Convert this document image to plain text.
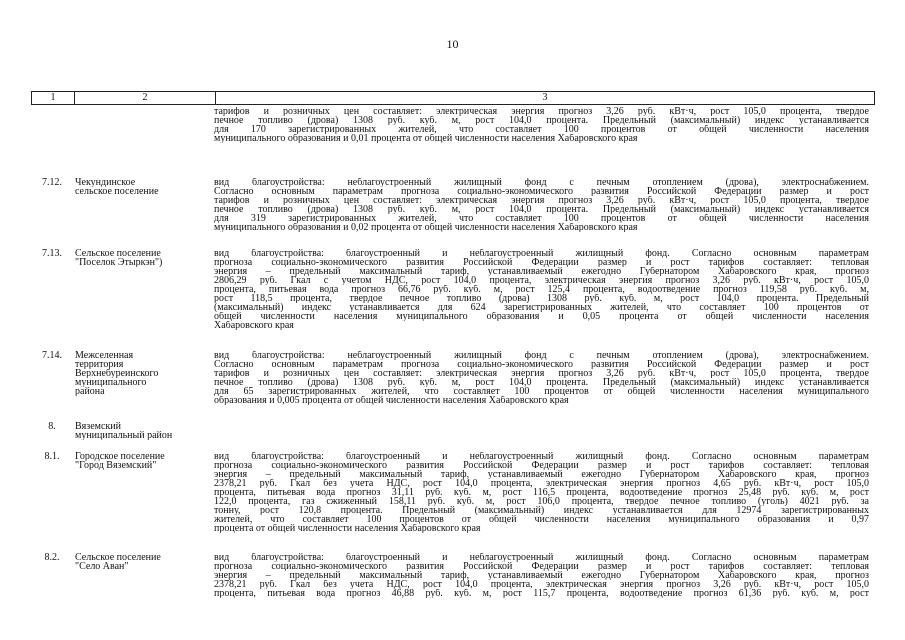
10
1	2	3
тарифов и розничных цен составляет: электрическая энергия прогноз 3,26 руб. кВт·ч, рост 105,0 процента, твердое
печное топливо (дрова) 1308 руб. куб. м, рост 104,0 процента. Предельный (максимальный) индекс устанавливается
для 170 зарегистрированных жителей, что составляет 100 процентов от общей численности населения
муниципального образования и 0,01 процента от общей численности населения Хабаровского края
7.12.	Чекундинское
сельское поселение
вид благоустройства: неблагоустроенный жилищный фонд с печным отоплением (дрова), электроснабжением.
Согласно основным параметрам прогноза социально-экономического развития Российской Федерации размер и рост
тарифов и розничных цен составляет: электрическая энергия прогноз 3,26 руб. кВт·ч, рост 105,0 процента, твердое
печное топливо (дрова) 1308 руб. куб. м, рост 104,0 процента. Предельный (максимальный) индекс устанавливается
для 319 зарегистрированных жителей, что составляет 100 процентов от общей численности населения
муниципального образования и 0,02 процента от общей численности населения Хабаровского края
7.13.	Сельское поселение
"Поселок Этыркэн")
вид благоустройства: благоустроенный и неблагоустроенный жилищный фонд. Согласно основным параметрам
прогноза социально-экономического развития Российской Федерации размер и рост тарифов составляет: тепловая
энергия – предельный максимальный тариф, устанавливаемый ежегодно Губернатором Хабаровского края, прогноз
2806,29 руб. Гкал с учетом НДС, рост 104,0 процента, электрическая энергия прогноз 3,26 руб. кВт·ч, рост 105,0
процента, питьевая вода прогноз 66,76 руб. куб. м, рост 125,4 процента, водоотведение прогноз 119,58 руб. куб. м,
рост 118,5 процента, твердое печное топливо (дрова) 1308 руб. куб. м, рост 104,0 процента. Предельный
(максимальный) индекс устанавливается для 624 зарегистрированных жителей, что составляет 100 процентов от
общей численности населения муниципального образования и 0,05 процента от общей численности населения
Хабаровского края
7.14.	Межселенная
территория
Верхнебуреинского
муниципального
района
вид благоустройства: неблагоустроенный жилищный фонд с печным отоплением (дрова), электроснабжением.
Согласно основным параметрам прогноза социально-экономического развития Российской Федерации размер и рост
тарифов и розничных цен составляет: электрическая энергия прогноз 3,26 руб. кВт·ч, рост 105,0 процента, твердое
печное топливо (дрова) 1308 руб. куб. м, рост 104,0 процента. Предельный (максимальный) индекс устанавливается
для 65 зарегистрированных жителей, что составляет 100 процентов от общей численности населения муниципального
образования и 0,005 процента от общей численности населения Хабаровского края
8.	Вяземский
муниципальный район
8.1.	Городское поселение
"Город Вяземский"
вид благоустройства: благоустроенный и неблагоустроенный жилищный фонд. Согласно основным параметрам
прогноза социально-экономического развития Российской Федерации размер и рост тарифов составляет: тепловая
энергия – предельный максимальный тариф, устанавливаемый ежегодно Губернатором Хабаровского края, прогноз
2378,21 руб. Гкал без учета НДС, рост 104,0 процента, электрическая энергия прогноз 4,65 руб. кВт·ч, рост 105,0
процента, питьевая вода прогноз 31,11 руб. куб. м, рост 116,5 процента, водоотведение прогноз 25,48 руб. куб. м, рост
122,0 процента, газ сжиженный 158,11 руб. куб. м, рост 106,0 процента, твердое печное топливо (уголь) 4021 руб. за
тонну, рост 120,8 процента. Предельный (максимальный) индекс устанавливается для 12974 зарегистрированных
жителей, что составляет 100 процентов от общей численности населения муниципального образования и 0,97
процента от общей численности населения Хабаровского края
8.2.	Сельское поселение
"Село Аван"
вид благоустройства: благоустроенный и неблагоустроенный жилищный фонд. Согласно основным параметрам
прогноза социально-экономического развития Российской Федерации размер и рост тарифов составляет: тепловая
энергия – предельный максимальный тариф, устанавливаемый ежегодно Губернатором Хабаровского края, прогноз
2378,21 руб. Гкал без учета НДС, рост 104,0 процента, электрическая энергия прогноз 3,26 руб. кВт·ч, рост 105,0
процента, питьевая вода прогноз 46,88 руб. куб. м, рост 115,7 процента, водоотведение прогноз 61,36 руб. куб. м, рост
